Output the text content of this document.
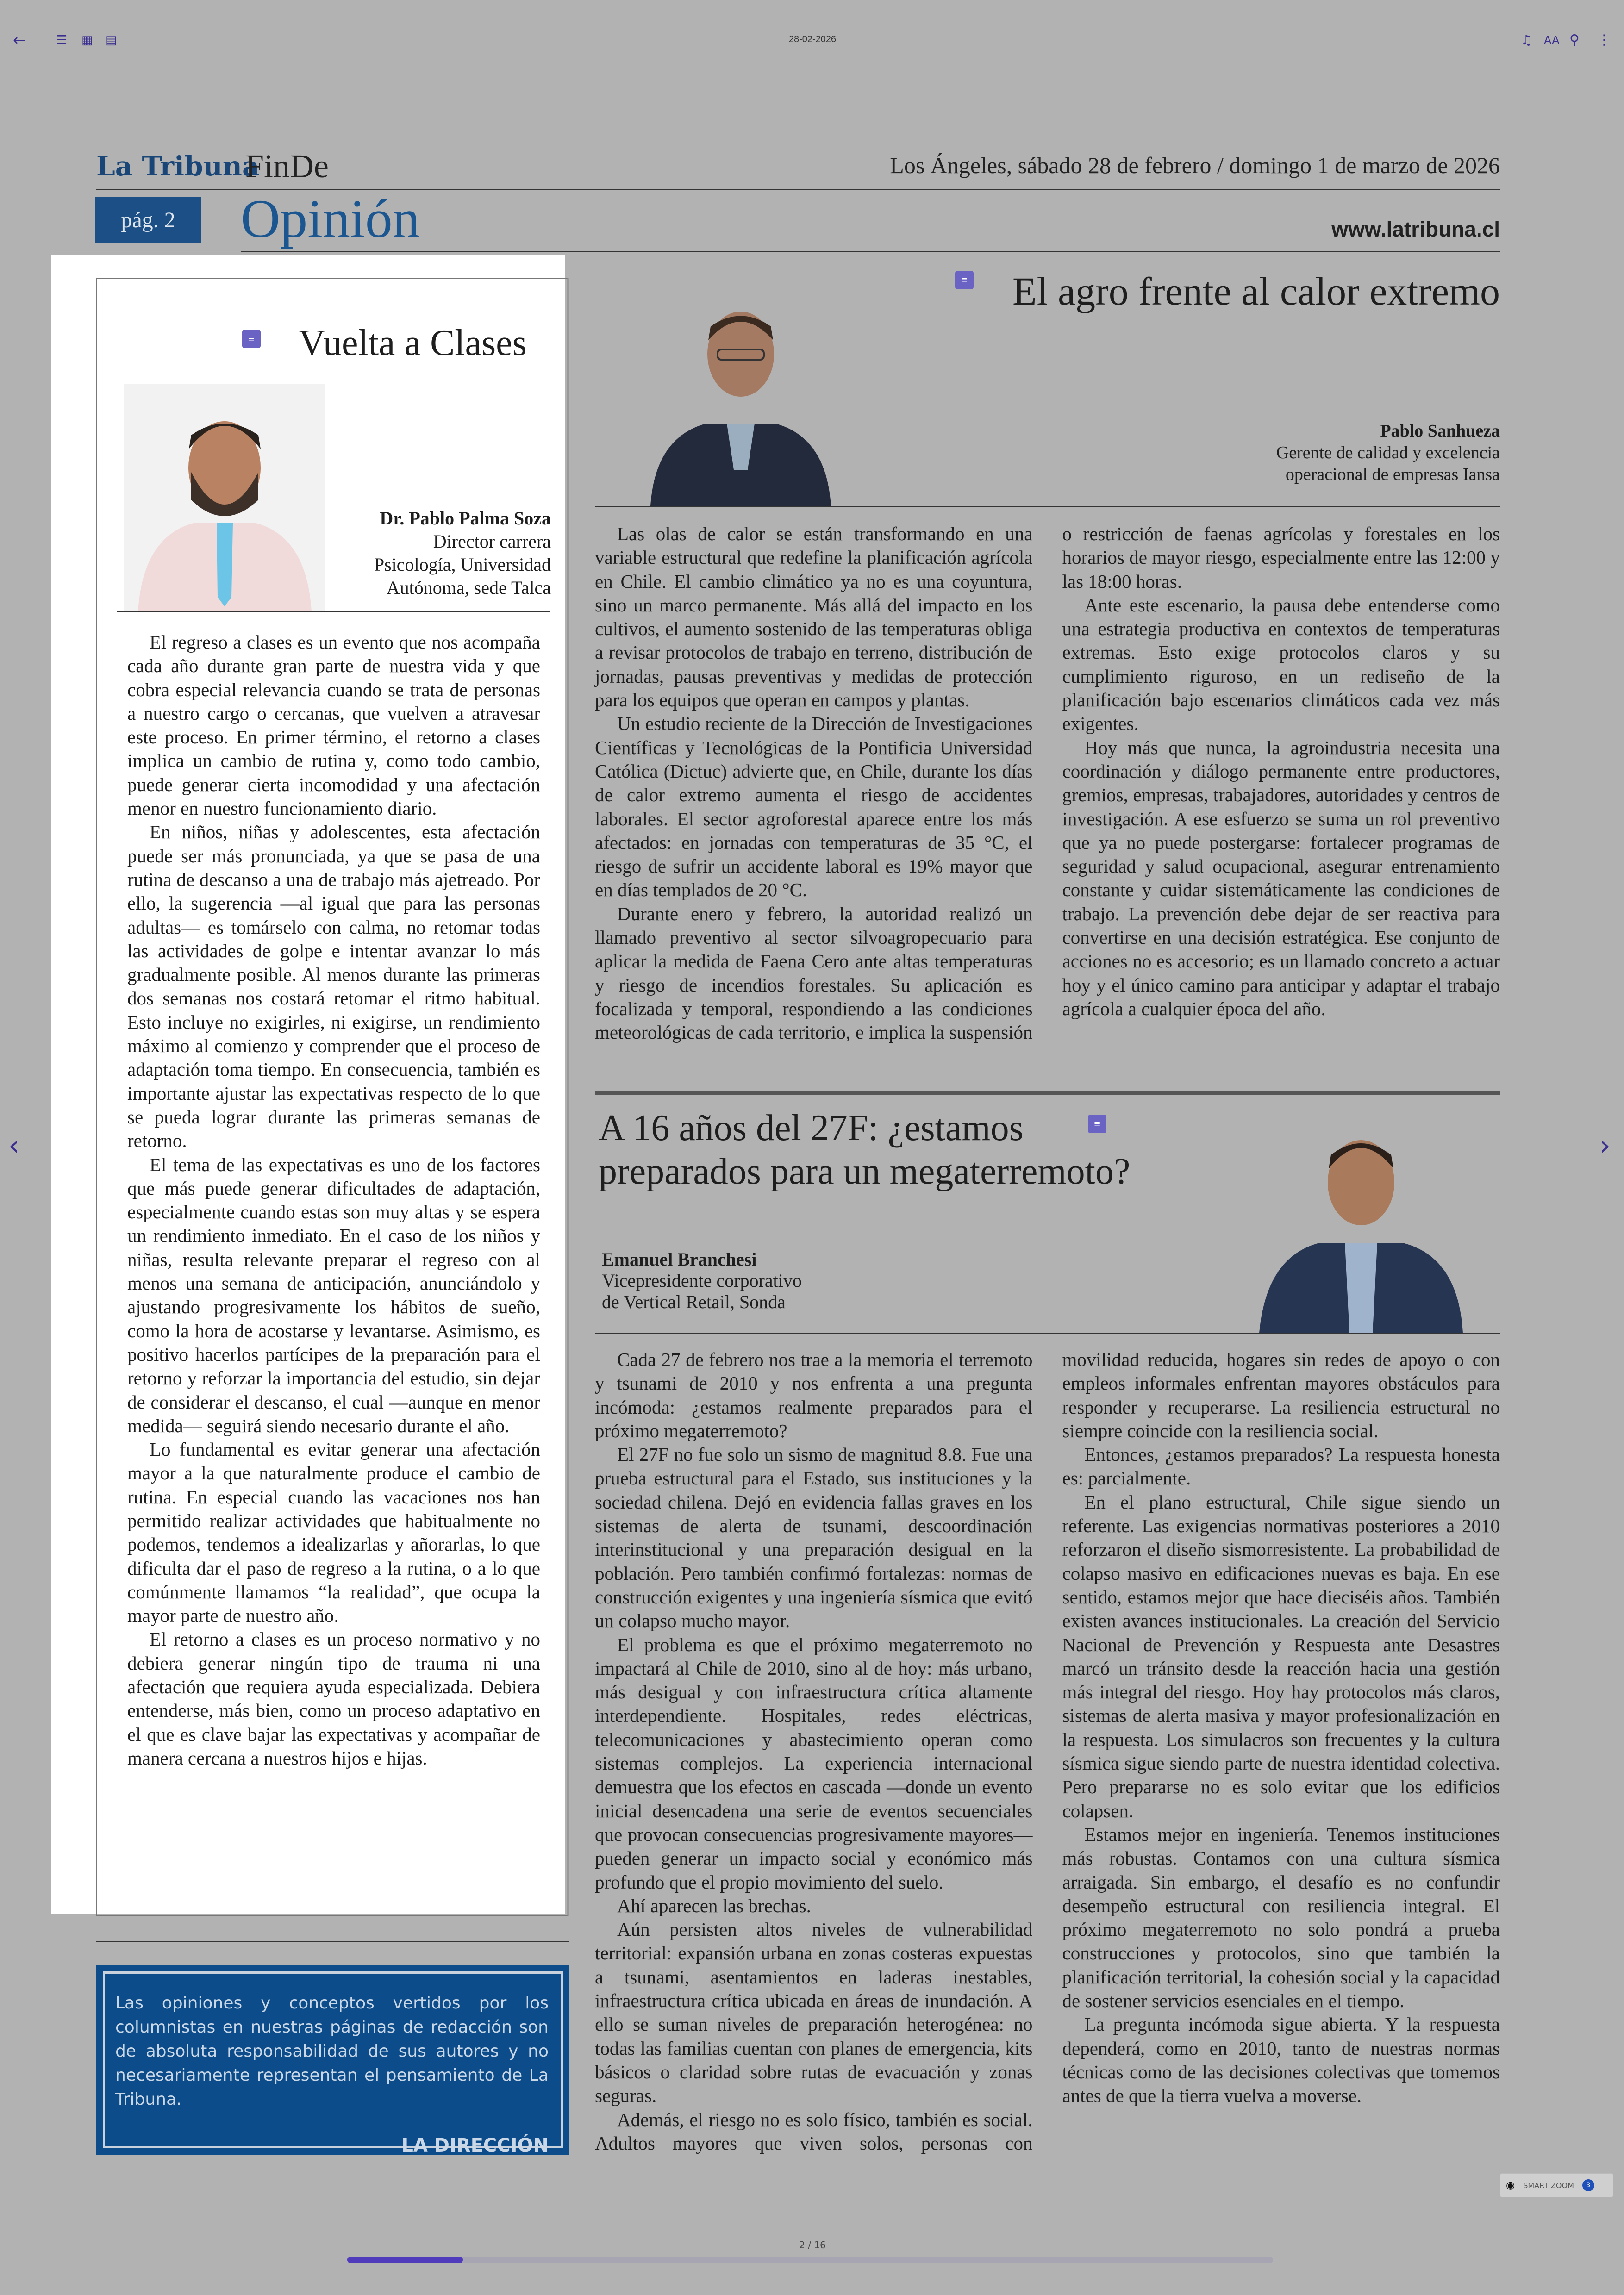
←	☰ ▦ ▤	28-02-2026	♫ AA ⚲ ⋮
La Tribuna
FinDe	Los Ángeles, sábado 28 de febrero / domingo 1 de marzo de 2026
pág. 2	Opinión	www.latribuna.cl
≡ Vuelta a Clases
Dr. Pablo Palma Soza
Director carrera
Psicología, Universidad
Autónoma, sede Talca

El regreso a clases es un evento que nos acompaña cada año durante gran parte de nuestra vida y que cobra especial relevancia cuando se trata de personas a nuestro cargo o cercanas, que vuelven a atravesar este proceso. En primer término, el retorno a clases implica un cambio de rutina y, como todo cambio, puede generar cierta incomodidad y una afectación menor en nuestro funcionamiento diario.

En niños, niñas y adolescentes, esta afectación puede ser más pronunciada, ya que se pasa de una rutina de descanso a una de trabajo más ajetreado. Por ello, la sugerencia —al igual que para las personas adultas— es tomárselo con calma, no retomar todas las actividades de golpe e intentar avanzar lo más gradualmente posible. Al menos durante las primeras dos semanas nos costará retomar el ritmo habitual. Esto incluye no exigirles, ni exigirse, un rendimiento máximo al comienzo y comprender que el proceso de adaptación toma tiempo. En consecuencia, también es importante ajustar las expectativas respecto de lo que se pueda lograr durante las primeras semanas de retorno.

El tema de las expectativas es uno de los factores que más puede generar dificultades de adaptación, especialmente cuando estas son muy altas y se espera un rendimiento inmediato. En el caso de los niños y niñas, resulta relevante preparar el regreso con al menos una semana de anticipación, anunciándolo y ajustando progresivamente los hábitos de sueño, como la hora de acostarse y levantarse. Asimismo, es positivo hacerlos partícipes de la preparación para el retorno y reforzar la importancia del estudio, sin dejar de considerar el descanso, el cual —aunque en menor medida— seguirá siendo necesario durante el año.

Lo fundamental es evitar generar una afectación mayor a la que naturalmente produce el cambio de rutina. En especial cuando las vacaciones nos han permitido realizar actividades que habitualmente no podemos, tendemos a idealizarlas y añorarlas, lo que dificulta dar el paso de regreso a la rutina, o a lo que comúnmente llamamos “la realidad”, que ocupa la mayor parte de nuestro año.

El retorno a clases es un proceso normativo y no debiera generar ningún tipo de trauma ni una afectación que requiera ayuda especializada. Debiera entenderse, más bien, como un proceso adaptativo en el que es clave bajar las expectativas y acompañar de manera cercana a nuestros hijos e hijas.

Las opiniones y conceptos vertidos por los columnistas en nuestras páginas de redacción son de absoluta responsabilidad de sus autores y no necesariamente representan el pensamiento de La Tribuna.
LA DIRECCIÓN
≡ El agro frente al calor extremo
Pablo Sanhueza
Gerente de calidad y excelencia
operacional de empresas Iansa

Las olas de calor se están transformando en una variable estructural que redefine la planificación agrícola en Chile. El cambio climático ya no es una coyuntura, sino un marco permanente. Más allá del impacto en los cultivos, el aumento sostenido de las temperaturas obliga a revisar protocolos de trabajo en terreno, distribución de jornadas, pausas preventivas y medidas de protección para los equipos que operan en campos y plantas.

Un estudio reciente de la Dirección de Investigaciones Científicas y Tecnológicas de la Pontificia Universidad Católica (Dictuc) advierte que, en Chile, durante los días de calor extremo aumenta el riesgo de accidentes laborales. El sector agroforestal aparece entre los más afectados: en jornadas con temperaturas de 35 °C, el riesgo de sufrir un accidente laboral es 19% mayor que en días templados de 20 °C.

Durante enero y febrero, la autoridad realizó un llamado preventivo al sector silvoagropecuario para aplicar la medida de Faena Cero ante altas temperaturas y riesgo de incendios forestales. Su aplicación es focalizada y temporal, respondiendo a las condiciones meteorológicas de cada territorio, e implica la suspensión o restricción de faenas agrícolas y forestales en los horarios de mayor riesgo, especialmente entre las 12:00 y las 18:00 horas.

Ante este escenario, la pausa debe entenderse como una estrategia productiva en contextos de temperaturas extremas. Esto exige protocolos claros y su cumplimiento riguroso, en un rediseño de la planificación bajo escenarios climáticos cada vez más exigentes.

Hoy más que nunca, la agroindustria necesita una coordinación y diálogo permanente entre productores, gremios, empresas, trabajadores, autoridades y centros de investigación. A ese esfuerzo se suma un rol preventivo que ya no puede postergarse: fortalecer programas de seguridad y salud ocupacional, asegurar entrenamiento constante y cuidar sistemáticamente las condiciones de trabajo. La prevención debe dejar de ser reactiva para convertirse en una decisión estratégica. Ese conjunto de acciones no es accesorio; es un llamado concreto a actuar hoy y el único camino para anticipar y adaptar el trabajo agrícola a cualquier época del año.

A 16 años del 27F: ¿estamos
preparados para un megaterremoto?
≡
Emanuel Branchesi
Vicepresidente corporativo
de Vertical Retail, Sonda

Cada 27 de febrero nos trae a la memoria el terremoto y tsunami de 2010 y nos enfrenta a una pregunta incómoda: ¿estamos realmente preparados para el próximo megaterremoto?

El 27F no fue solo un sismo de magnitud 8.8. Fue una prueba estructural para el Estado, sus instituciones y la sociedad chilena. Dejó en evidencia fallas graves en los sistemas de alerta de tsunami, descoordinación interinstitucional y una preparación desigual en la población. Pero también confirmó fortalezas: normas de construcción exigentes y una ingeniería sísmica que evitó un colapso mucho mayor.

El problema es que el próximo megaterremoto no impactará al Chile de 2010, sino al de hoy: más urbano, más desigual y con infraestructura crítica altamente interdependiente. Hospitales, redes eléctricas, telecomunicaciones y abastecimiento operan como sistemas complejos. La experiencia internacional demuestra que los efectos en cascada —donde un evento inicial desencadena una serie de eventos secuenciales que provocan consecuencias progresivamente mayores— pueden generar un impacto social y económico más profundo que el propio movimiento del suelo.

Ahí aparecen las brechas.

Aún persisten altos niveles de vulnerabilidad territorial: expansión urbana en zonas costeras expuestas a tsunami, asentamientos en laderas inestables, infraestructura crítica ubicada en áreas de inundación. A ello se suman niveles de preparación heterogénea: no todas las familias cuentan con planes de emergencia, kits básicos o claridad sobre rutas de evacuación y zonas seguras.

Además, el riesgo no es solo físico, también es social. Adultos mayores que viven solos, personas con movilidad reducida, hogares sin redes de apoyo o con empleos informales enfrentan mayores obstáculos para responder y recuperarse. La resiliencia estructural no siempre coincide con la resiliencia social.

Entonces, ¿estamos preparados? La respuesta honesta es: parcialmente.

En el plano estructural, Chile sigue siendo un referente. Las exigencias normativas posteriores a 2010 reforzaron el diseño sismorresistente. La probabilidad de colapso masivo en edificaciones nuevas es baja. En ese sentido, estamos mejor que hace dieciséis años. También existen avances institucionales. La creación del Servicio Nacional de Prevención y Respuesta ante Desastres marcó un tránsito desde la reacción hacia una gestión más integral del riesgo. Hoy hay protocolos más claros, sistemas de alerta masiva y mayor profesionalización en la respuesta. Los simulacros son frecuentes y la cultura sísmica sigue siendo parte de nuestra identidad colectiva. Pero prepararse no es solo evitar que los edificios colapsen.

Estamos mejor en ingeniería. Tenemos instituciones más robustas. Contamos con una cultura sísmica arraigada. Sin embargo, el desafío es no confundir desempeño estructural con resiliencia integral. El próximo megaterremoto no solo pondrá a prueba construcciones y protocolos, sino que también la planificación territorial, la cohesión social y la capacidad de sostener servicios esenciales en el tiempo.

La pregunta incómoda sigue abierta. Y la respuesta dependerá, como en 2010, tanto de nuestras normas técnicas como de las decisiones colectivas que tomemos antes de que la tierra vuelva a moverse.

‹	›
◉ SMART ZOOM	3
2 / 16
